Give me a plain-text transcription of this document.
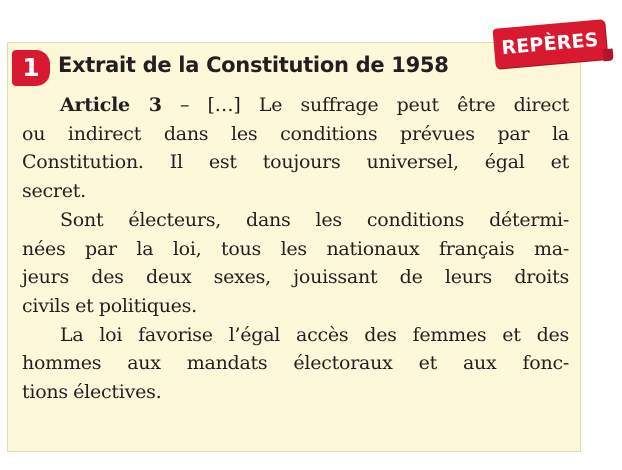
1 Extrait de la Constitution de 1958
REPÈRES
Article 3 – […] Le suffrage peut être direct
ou indirect dans les conditions prévues par la
Constitution. Il est toujours universel, égal et
secret.
Sont électeurs, dans les conditions détermi-
nées par la loi, tous les nationaux français ma-
jeurs des deux sexes, jouissant de leurs droits
civils et politiques.
La loi favorise l’égal accès des femmes et des
hommes aux mandats électoraux et aux fonc-
tions électives.
